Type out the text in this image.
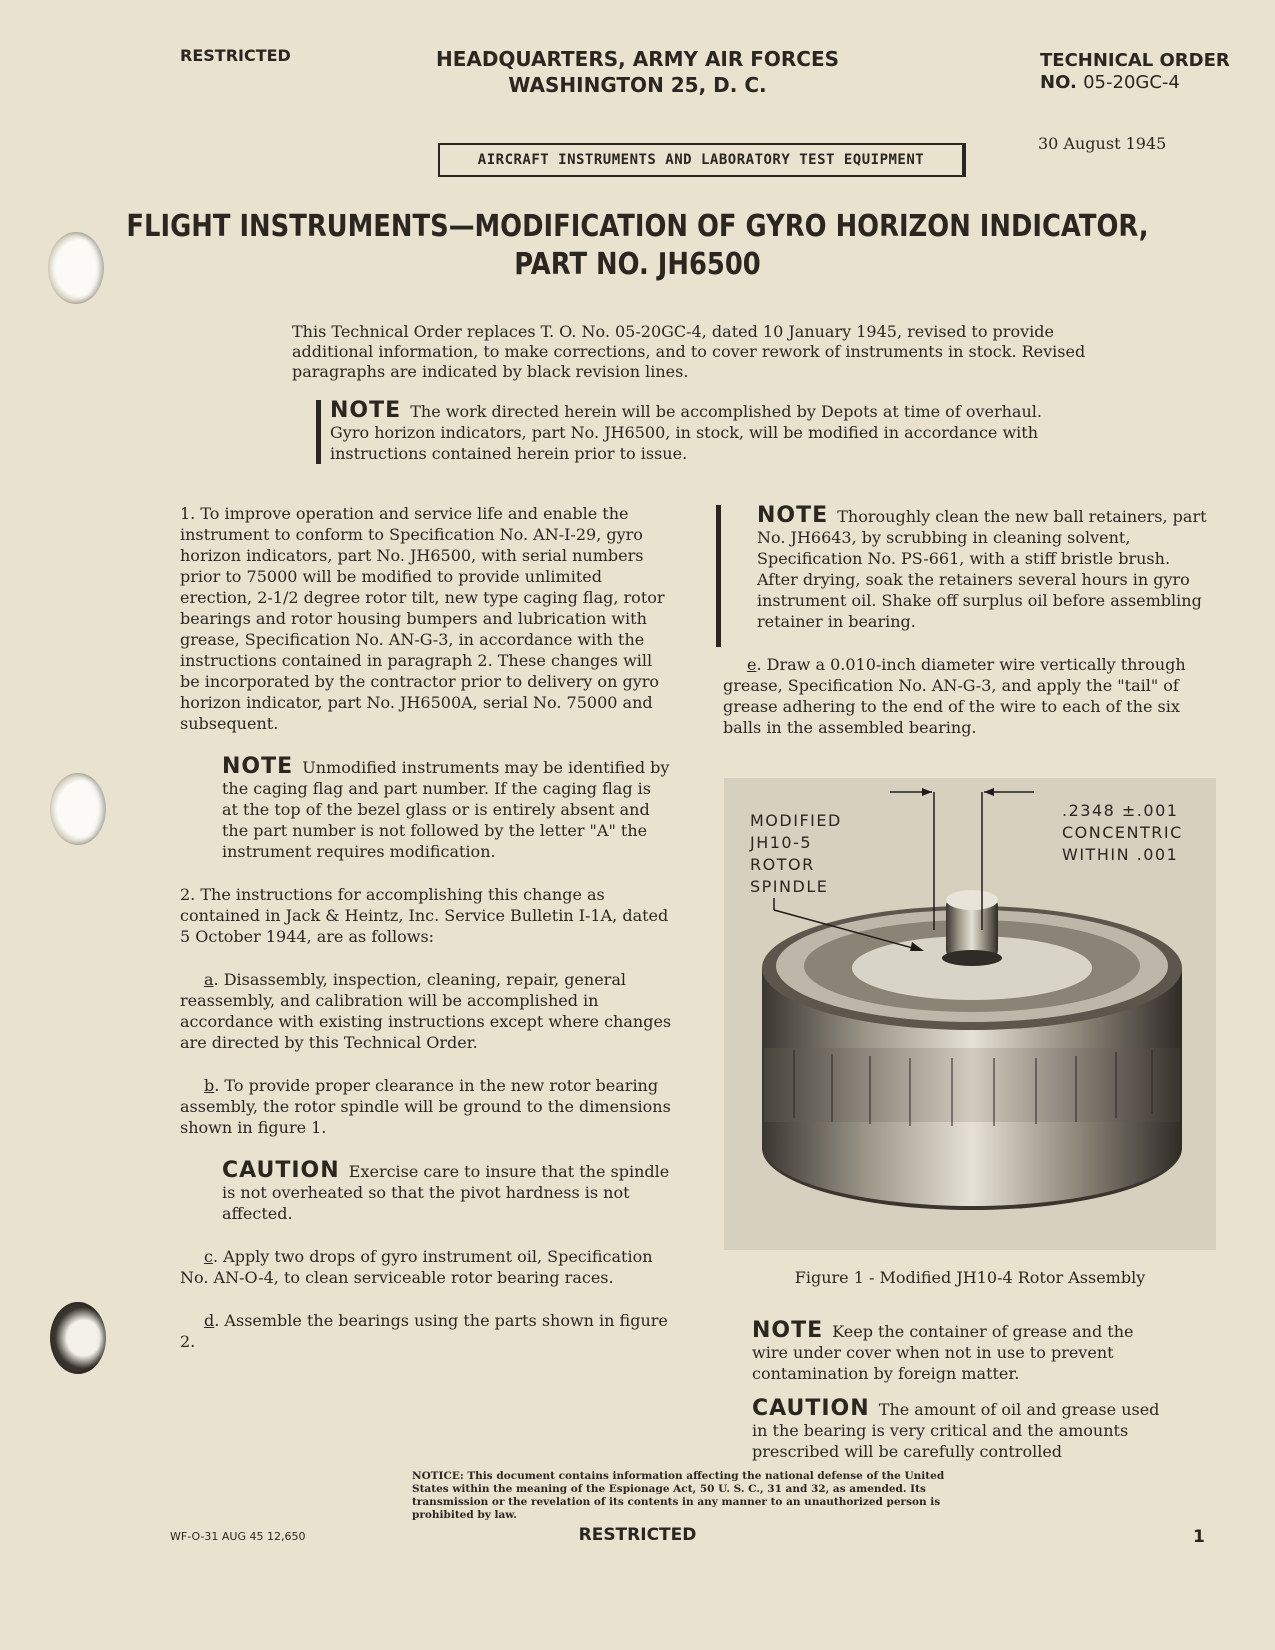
RESTRICTED	HEADQUARTERS, ARMY AIR FORCES
WASHINGTON 25, D. C.
TECHNICAL ORDER
NO. 05-20GC-4
30 August 1945
AIRCRAFT INSTRUMENTS AND LABORATORY TEST EQUIPMENT
FLIGHT INSTRUMENTS—MODIFICATION OF GYRO HORIZON INDICATOR,
PART NO. JH6500
This Technical Order replaces T. O. No. 05-20GC-4, dated 10 January 1945, revised to provide additional information, to make corrections, and to cover rework of instruments in stock. Revised paragraphs are indicated by black revision lines.
NOTE The work directed herein will be accomplished by Depots at time of overhaul. Gyro horizon indicators, part No. JH6500, in stock, will be modified in accordance with instructions contained herein prior to issue.

1. To improve operation and service life and enable the instrument to conform to Specification No. AN-I-29, gyro horizon indicators, part No. JH6500, with serial numbers prior to 75000 will be modified to provide unlimited erection, 2-1/2 degree rotor tilt, new type caging flag, rotor bearings and rotor housing bumpers and lubrication with grease, Specification No. AN-G-3, in accordance with the instructions contained in paragraph 2. These changes will be incorporated by the contractor prior to delivery on gyro horizon indicator, part No. JH6500A, serial No. 75000 and subsequent.

NOTE Unmodified instruments may be identified by the caging flag and part number. If the caging flag is at the top of the bezel glass or is entirely absent and the part number is not followed by the letter "A" the instrument requires modification.

2. The instructions for accomplishing this change as contained in Jack & Heintz, Inc. Service Bulletin I-1A, dated 5 October 1944, are as follows:

a. Disassembly, inspection, cleaning, repair, general reassembly, and calibration will be accomplished in accordance with existing instructions except where changes are directed by this Technical Order.

b. To provide proper clearance in the new rotor bearing assembly, the rotor spindle will be ground to the dimensions shown in figure 1.

CAUTION Exercise care to insure that the spindle is not overheated so that the pivot hardness is not affected.

c. Apply two drops of gyro instrument oil, Specification No. AN-O-4, to clean serviceable rotor bearing races.

d. Assemble the bearings using the parts shown in figure 2.

NOTE Thoroughly clean the new ball retainers, part No. JH6643, by scrubbing in cleaning solvent, Specification No. PS-661, with a stiff bristle brush. After drying, soak the retainers several hours in gyro instrument oil. Shake off surplus oil before assembling retainer in bearing.

e. Draw a 0.010-inch diameter wire vertically through grease, Specification No. AN-G-3, and apply the "tail" of grease adhering to the end of the wire to each of the six balls in the assembled bearing.

MODIFIED
JH10-5
ROTOR
SPINDLE
.2348 ±.001
CONCENTRIC
WITHIN .001
Figure 1 - Modified JH10-4 Rotor Assembly
NOTE Keep the container of grease and the wire under cover when not in use to prevent contamination by foreign matter.
CAUTION The amount of oil and grease used in the bearing is very critical and the amounts prescribed will be carefully controlled
NOTICE: This document contains information affecting the national defense of the United States within the meaning of the Espionage Act, 50 U. S. C., 31 and 32, as amended. Its transmission or the revelation of its contents in any manner to an unauthorized person is prohibited by law.
WF-O-31 AUG 45 12,650	RESTRICTED	1
